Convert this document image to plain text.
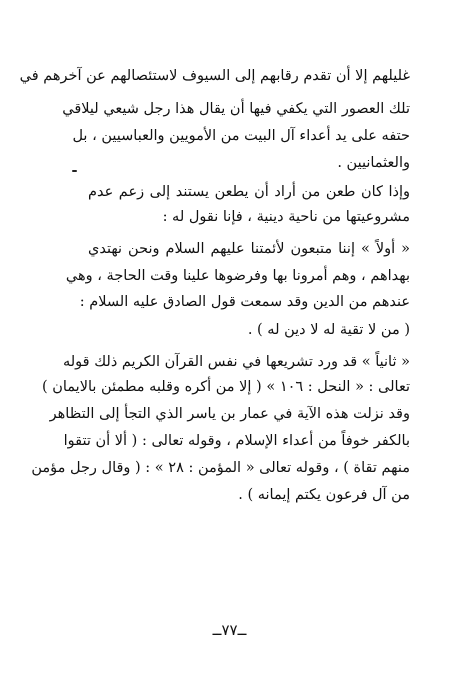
غليلهم إلا أن تقدم رقابهم إلى السيوف لاستئصالهم عن آخرهم في
تلك العصور التي يكفي فيها أن يقال هذا رجل شيعي ليلاقي
حتفه على يد أعداء آل البيت من الأمويين والعباسيين ، بل
والعثمانيين .
وإذا كان طعن من أراد أن يطعن يستند إلى زعم عدم
مشروعيتها من ناحية دينية ، فإنا نقول له :
« أولاً » إننا متبعون لأئمتنا عليهم السلام ونحن نهتدي
بهداهم ، وهم أمرونا بها وفرضوها علينا وقت الحاجة ، وهي
عندهم من الدين وقد سمعت قول الصادق عليه السلام :
( من لا تقية له لا دين له ) .
« ثانياً » قد ورد تشريعها في نفس القرآن الكريم ذلك قوله
تعالى : « النحل : ١٠٦ » ( إلا من أكره وقلبه مطمئن بالايمان )
وقد نزلت هذه الآية في عمار بن ياسر الذي التجأ إلى التظاهر
بالكفر خوفاً من أعداء الإسلام ، وقوله تعالى : ( ألا أن تتقوا
منهم تقاة ) ، وقوله تعالى « المؤمن : ٢٨ » : ( وقال رجل مؤمن
من آل فرعون يكتم إيمانه ) .
ــ٧٧ــ
